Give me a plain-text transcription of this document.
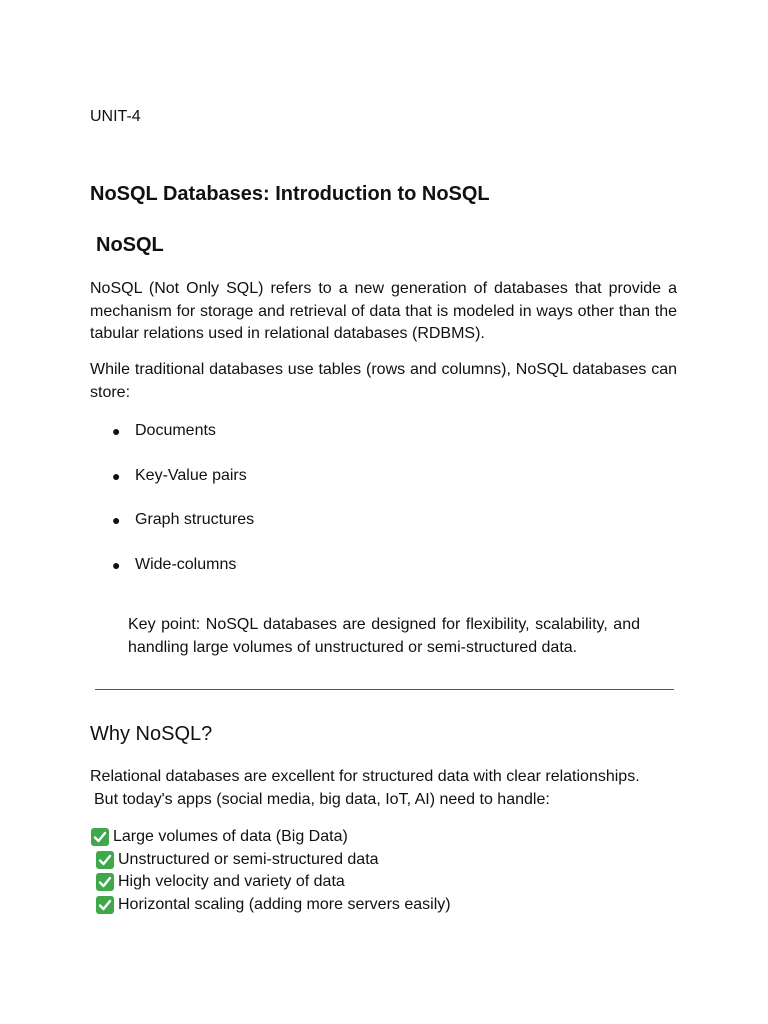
UNIT-4
NoSQL Databases: Introduction to NoSQL
NoSQL
NoSQL (Not Only SQL) refers to a new generation of databases that provide a mechanism for storage and retrieval of data that is modeled in ways other than the tabular relations used in relational databases (RDBMS).
While traditional databases use tables (rows and columns), NoSQL databases can store:
● Documents
● Key-Value pairs
● Graph structures
● Wide-columns
Key point: NoSQL databases are designed for flexibility, scalability, and handling large volumes of unstructured or semi-structured data.
Why NoSQL?
Relational databases are excellent for structured data with clear relationships.
But today's apps (social media, big data, IoT, AI) need to handle:
Large volumes of data (Big Data)
Unstructured or semi-structured data
High velocity and variety of data
Horizontal scaling (adding more servers easily)
